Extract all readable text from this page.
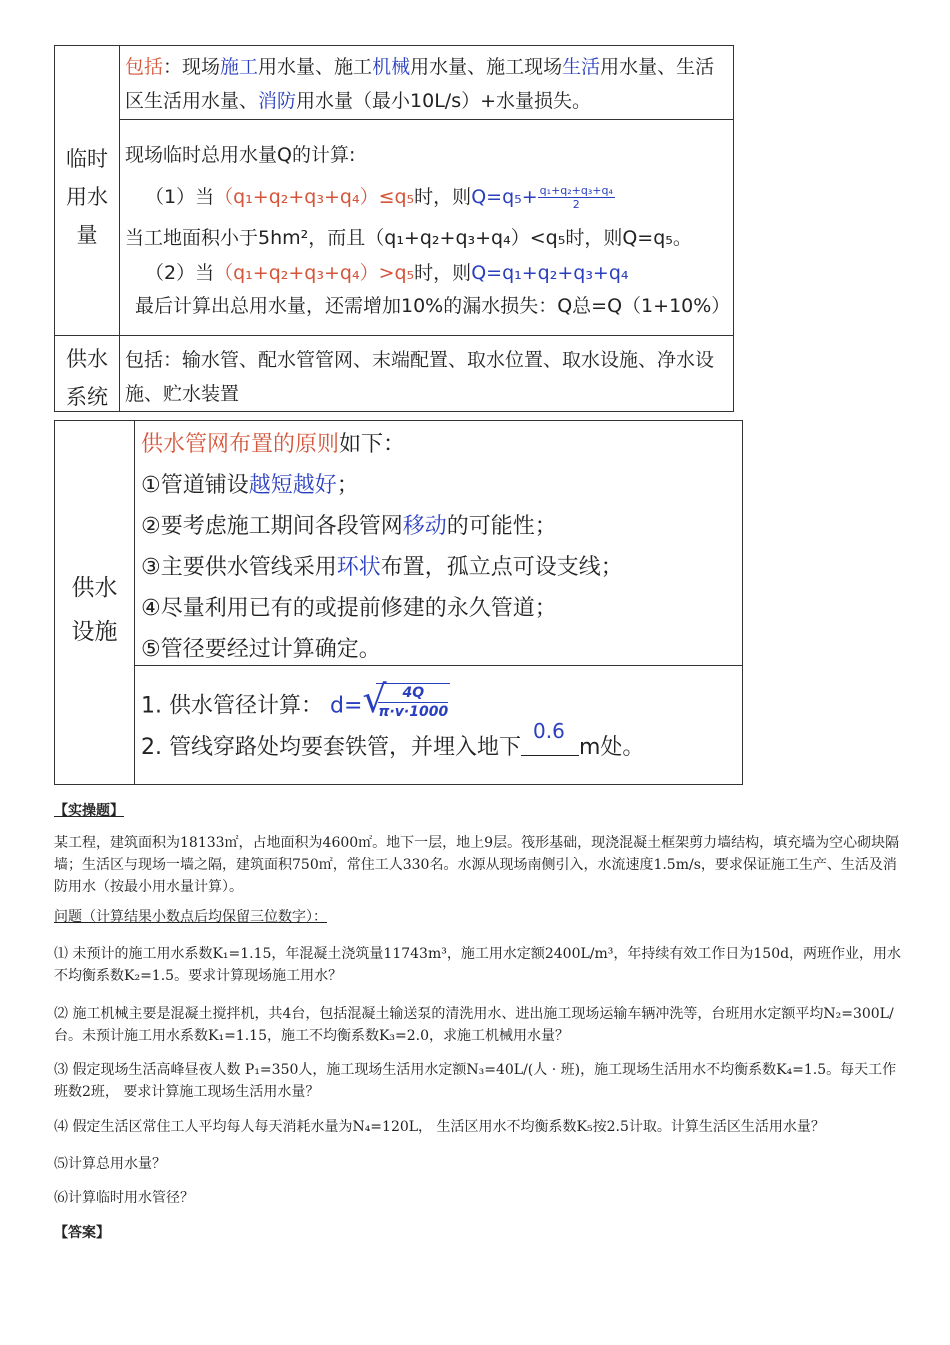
临时
用水
量
包括：现场施工用水量、施工机械用水量、施工现场生活用水量、生活
区生活用水量、消防用水量（最小10L/s）+水量损失。
现场临时总用水量Q的计算:
（1）当（q₁+q₂+q₃+q₄）≤q₅时，则$Q=q_5+ \frac{\text{q₁+q₂+q₃+q₄}}{2}$
当工地面积小于5hm²，而且（q₁+q₂+q₃+q₄）<q₅时，则Q=q₅。
（2）当（q₁+q₂+q₃+q₄）>q₅时，则Q=q₁+q₂+q₃+q₄
最后计算出总用水量，还需增加10%的漏水损失：Q总=Q（1+10%）
供水
系统
包括：输水管、配水管管网、末端配置、取水位置、取水设施、净水设
施、贮水装置
供水
设施
供水管网布置的原则如下：
①管道铺设越短越好；
②要考虑施工期间各段管网移动的可能性；
③主要供水管线采用环状布置，孤立点可设支线；
④尽量利用已有的或提前修建的永久管道；
⑤管径要经过计算确定。
1. 供水管径计算： d= √
$\frac{4Q}{\pi\cdot v\cdot 1000}$
2. 管线穿路处均要套铁管，并埋入地下
0.6
m处。
【实操题】
某工程，建筑面积为18133㎡，占地面积为4600㎡。地下一层，地上9层。筏形基础，现浇混凝土框架剪力墙结构，填充墙为空心砌块隔墙；生活区与现场一墙之隔，建筑面积750㎡，常住工人330名。水源从现场南侧引入，水流速度1.5m/s，要求保证施工生产、生活及消防用水（按最小用水量计算）。
问题（计算结果小数点后均保留三位数字）：
⑴ 未预计的施工用水系数K₁=1.15，年混凝土浇筑量11743m³，施工用水定额2400L/m³，年持续有效工作日为150d，两班作业，用水不均衡系数K₂=1.5。要求计算现场施工用水？
⑵ 施工机械主要是混凝土搅拌机，共4台，包括混凝土输送泵的清洗用水、进出施工现场运输车辆冲洗等，台班用水定额平均N₂=300L/台。未预计施工用水系数K₁=1.15，施工不均衡系数K₃=2.0，求施工机械用水量？
⑶ 假定现场生活高峰昼夜人数 P₁=350人，施工现场生活用水定额N₃=40L/(人 · 班)，施工现场生活用水不均衡系数K₄=1.5。每天工作班数2班， 要求计算施工现场生活用水量？
⑷ 假定生活区常住工人平均每人每天消耗水量为N₄=120L， 生活区用水不均衡系数K₅按2.5计取。计算生活区生活用水量？
⑸计算总用水量？
⑹计算临时用水管径？
【答案】
